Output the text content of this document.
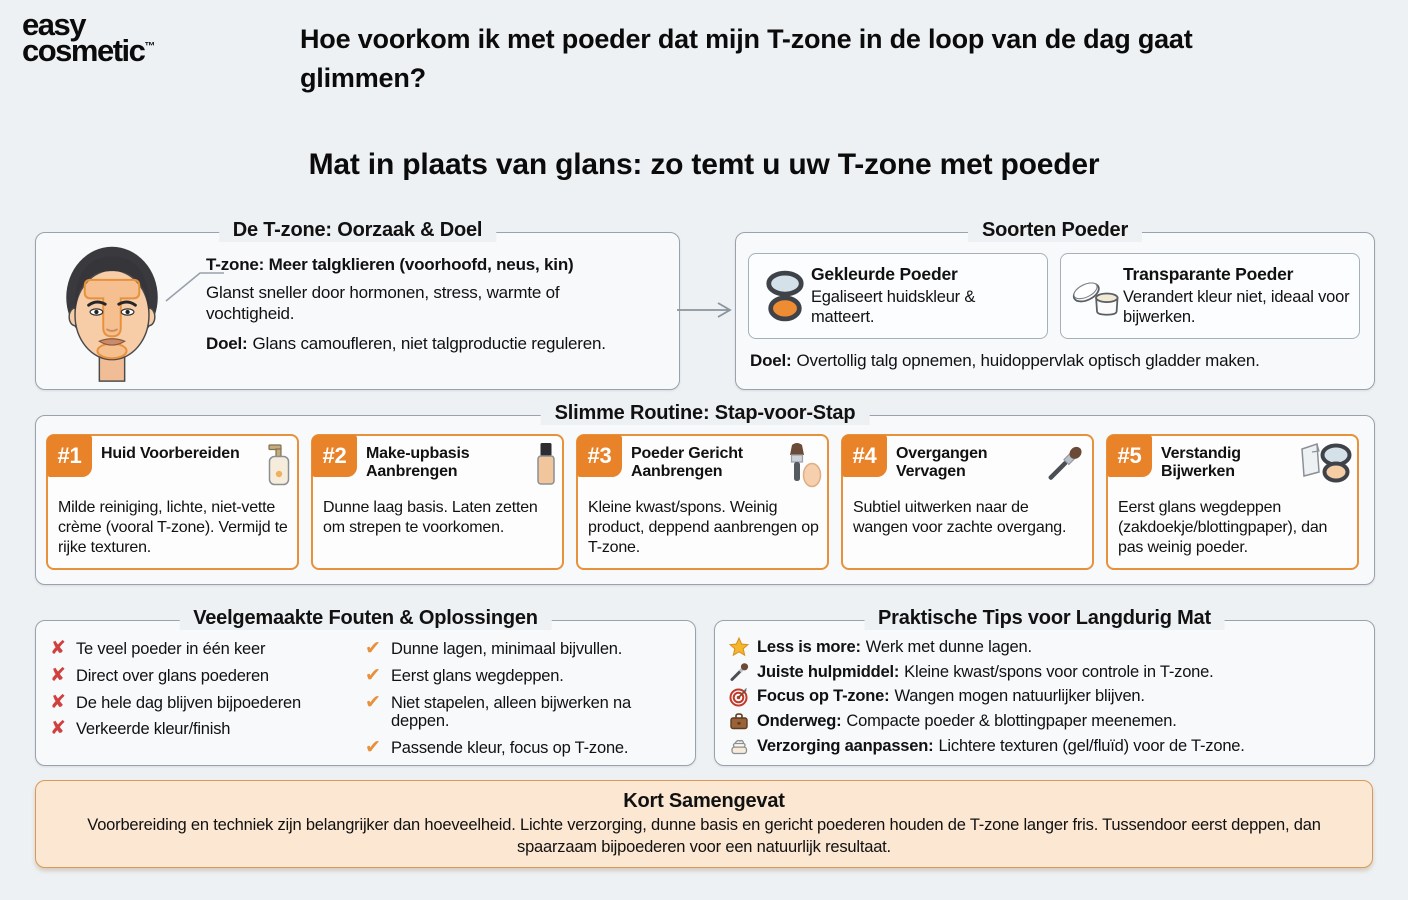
easy
cosmetic™	Hoe voorkom ik met poeder dat mijn T-zone in de loop van de dag gaat glimmen?
Mat in plaats van glans: zo temt u uw T-zone met poeder
De T-zone: Oorzaak & Doel
T-zone: Meer talgklieren (voorhoofd, neus, kin)
Glanst sneller door hormonen, stress, warmte of vochtigheid.
Doel: Glans camoufleren, niet talgproductie reguleren.
Soorten Poeder
Gekleurde Poeder
Egaliseert huidskleur & matteert.
Transparante Poeder
Verandert kleur niet, ideaal voor bijwerken.
Doel: Overtollig talg opnemen, huidoppervlak optisch gladder maken.
Slimme Routine: Stap-voor-Stap
#1	Huid Voorbereiden
Milde reiniging, lichte, niet-vette crème (vooral T-zone). Vermijd te rijke texturen.
#2	Make-upbasis Aanbrengen
Dunne laag basis. Laten zetten om strepen te voorkomen.
#3	Poeder Gericht Aanbrengen
Kleine kwast/spons. Weinig product, deppend aanbrengen op T-zone.
#4	Overgangen Vervagen
Subtiel uitwerken naar de wangen voor zachte overgang.
#5	Verstandig Bijwerken
Eerst glans wegdeppen (zakdoekje/blottingpaper), dan pas weinig poeder.
Veelgemaakte Fouten & Oplossingen
✘ Te veel poeder in één keer
✘ Direct over glans poederen
✘ De hele dag blijven bijpoederen
✘ Verkeerde kleur/finish
✔ Dunne lagen, minimaal bijvullen.
✔ Eerst glans wegdeppen.
✔ Niet stapelen, alleen bijwerken na deppen.
✔ Passende kleur, focus op T-zone.
Praktische Tips voor Langdurig Mat
Less is more: Werk met dunne lagen.
Juiste hulpmiddel: Kleine kwast/spons voor controle in T-zone.
Focus op T-zone: Wangen mogen natuurlijker blijven.
Onderweg: Compacte poeder & blottingpaper meenemen.
Verzorging aanpassen: Lichtere texturen (gel/fluïd) voor de T-zone.
Kort Samengevat
Voorbereiding en techniek zijn belangrijker dan hoeveelheid. Lichte verzorging, dunne basis en gericht poederen houden de T-zone langer fris. Tussendoor eerst deppen, dan spaarzaam bijpoederen voor een natuurlijk resultaat.
